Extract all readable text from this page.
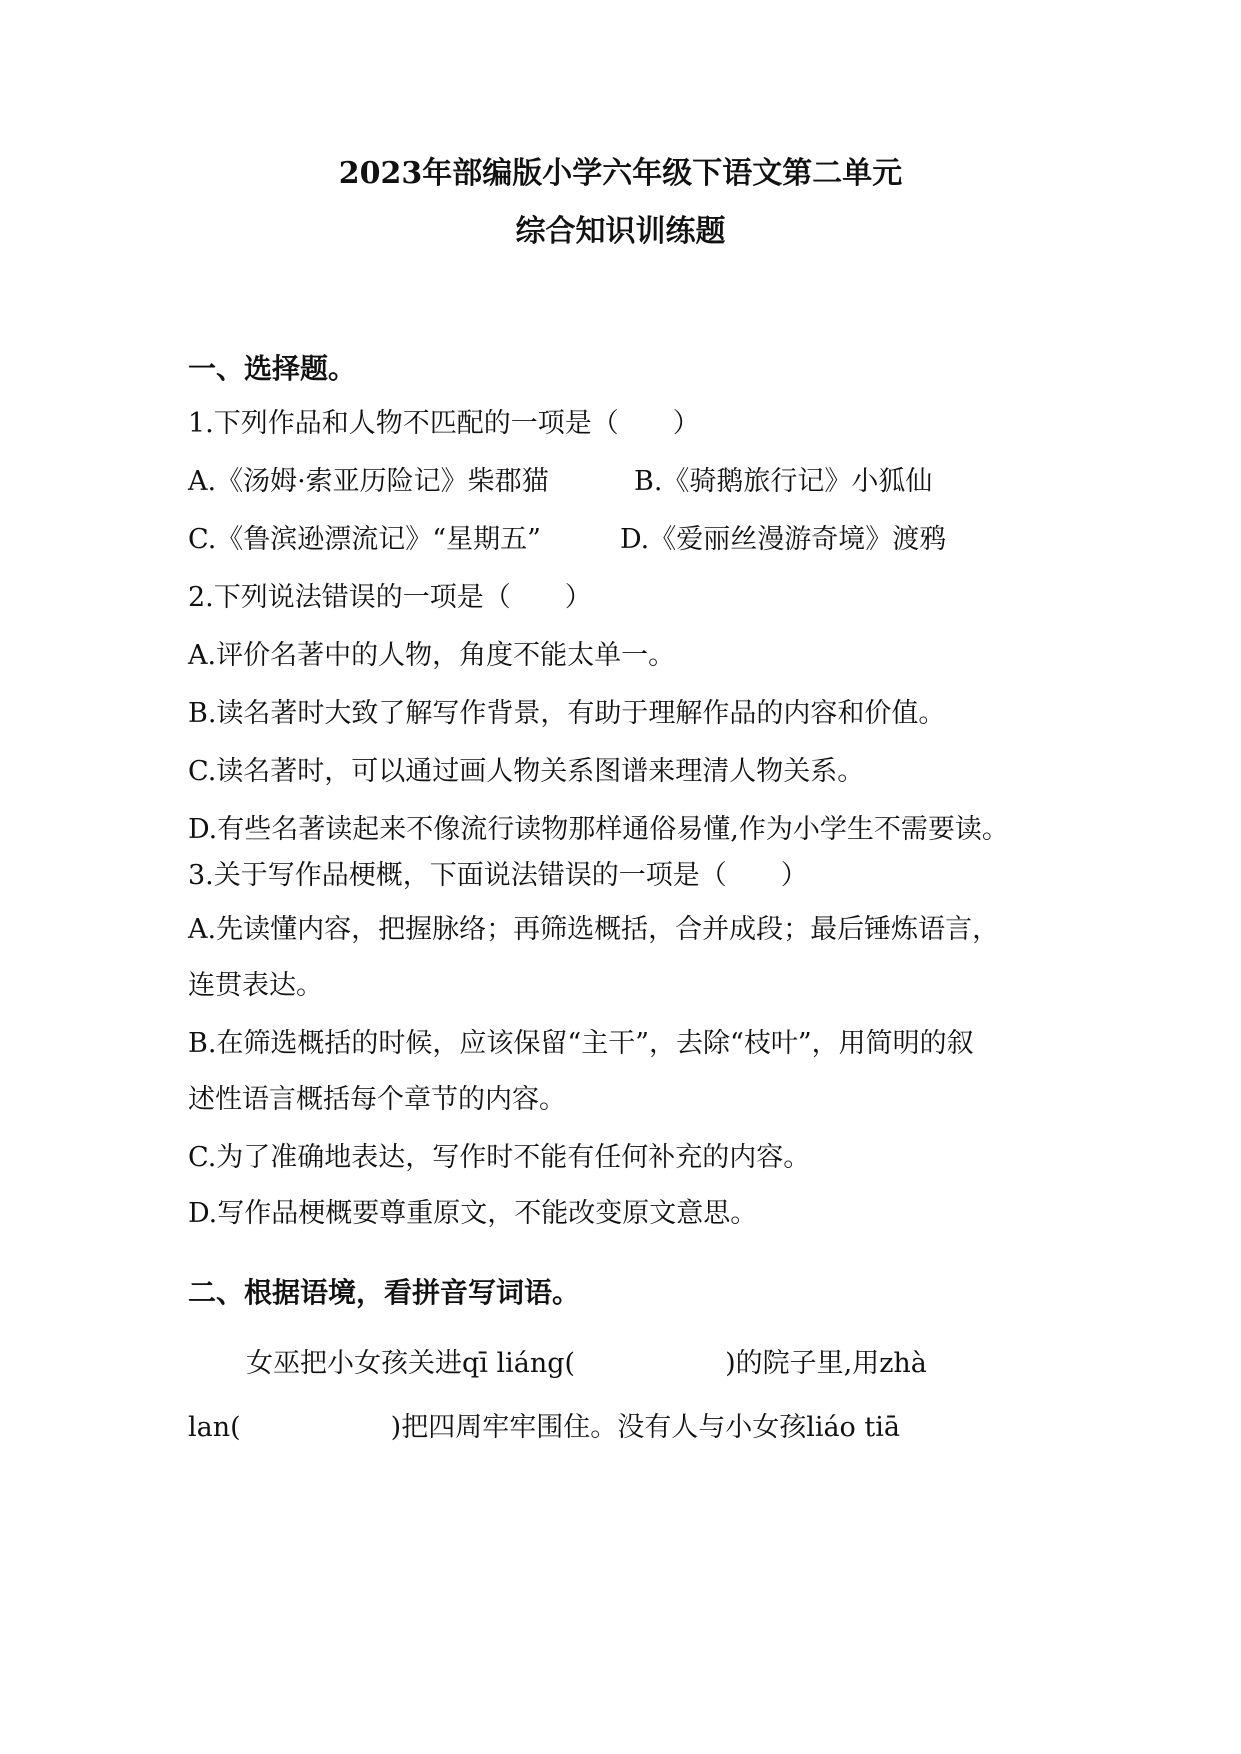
2023年部编版小学六年级下语文第二单元
综合知识训练题
一、选择题。
1.下列作品和人物不匹配的一项是（　　）
A.《汤姆·索亚历险记》柴郡猫	B.《骑鹅旅行记》小狐仙
C.《鲁滨逊漂流记》“星期五”	D.《爱丽丝漫游奇境》渡鸦
2.下列说法错误的一项是（　　）
A.评价名著中的人物，角度不能太单一。
B.读名著时大致了解写作背景，有助于理解作品的内容和价值。
C.读名著时，可以通过画人物关系图谱来理清人物关系。
D.有些名著读起来不像流行读物那样通俗易懂,作为小学生不需要读。
3.关于写作品梗概，下面说法错误的一项是（　　）
A.先读懂内容，把握脉络；再筛选概括，合并成段；最后锤炼语言，
连贯表达。
B.在筛选概括的时候，应该保留“主干”，去除“枝叶”，用简明的叙
述性语言概括每个章节的内容。
C.为了准确地表达，写作时不能有任何补充的内容。
D.写作品梗概要尊重原文，不能改变原文意思。
二、根据语境，看拼音写词语。
女巫把小女孩关进qī liáng(	)的院子里,用zhà
lan(	)把四周牢牢围住。没有人与小女孩liáo tiā
